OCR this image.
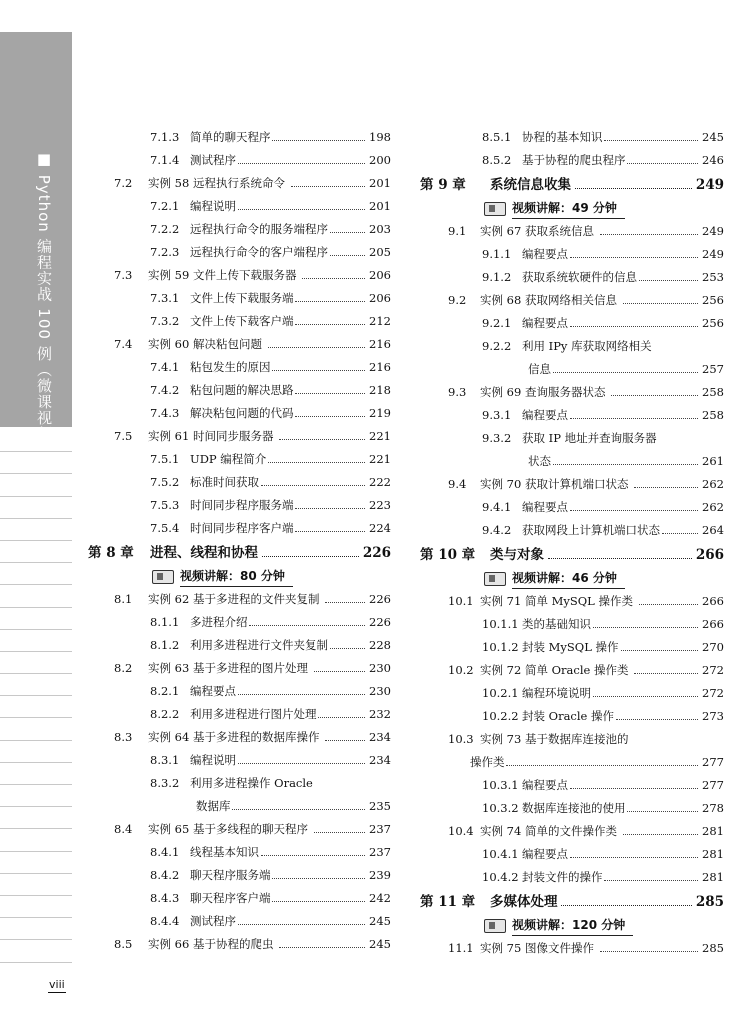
■ Python 编程实战 100 例（微课视频版）
viii
7.1.3 简单的聊天程序	198
7.1.4 测试程序	200
7.2 实例 58 远程执行系统命令	201
7.2.1 编程说明	201
7.2.2 远程执行命令的服务端程序	203
7.2.3 远程执行命令的客户端程序	205
7.3 实例 59 文件上传下载服务器	206
7.3.1 文件上传下载服务端	206
7.3.2 文件上传下载客户端	212
7.4 实例 60 解决粘包问题	216
7.4.1 粘包发生的原因	216
7.4.2 粘包问题的解决思路	218
7.4.3 解决粘包问题的代码	219
7.5 实例 61 时间同步服务器	221
7.5.1 UDP 编程简介	221
7.5.2 标准时间获取	222
7.5.3 时间同步程序服务端	223
7.5.4 时间同步程序客户端	224
第 8 章 进程、线程和协程	226
视频讲解：80 分钟
8.1 实例 62 基于多进程的文件夹复制	226
8.1.1 多进程介绍	226
8.1.2 利用多进程进行文件夹复制	228
8.2 实例 63 基于多进程的图片处理	230
8.2.1 编程要点	230
8.2.2 利用多进程进行图片处理	232
8.3 实例 64 基于多进程的数据库操作	234
8.3.1 编程说明	234
8.3.2 利用多进程操作 Oracle
数据库	235
8.4 实例 65 基于多线程的聊天程序	237
8.4.1 线程基本知识	237
8.4.2 聊天程序服务端	239
8.4.3 聊天程序客户端	242
8.4.4 测试程序	245
8.5 实例 66 基于协程的爬虫	245
8.5.1 协程的基本知识	245
8.5.2 基于协程的爬虫程序	246
第 9 章 系统信息收集	249
视频讲解：49 分钟
9.1 实例 67 获取系统信息	249
9.1.1 编程要点	249
9.1.2 获取系统软硬件的信息	253
9.2 实例 68 获取网络相关信息	256
9.2.1 编程要点	256
9.2.2 利用 IPy 库获取网络相关
信息	257
9.3 实例 69 查询服务器状态	258
9.3.1 编程要点	258
9.3.2 获取 IP 地址并查询服务器
状态	261
9.4 实例 70 获取计算机端口状态	262
9.4.1 编程要点	262
9.4.2 获取网段上计算机端口状态	264
第 10 章 类与对象	266
视频讲解：46 分钟
10.1 实例 71 简单 MySQL 操作类	266
10.1.1 类的基础知识	266
10.1.2 封装 MySQL 操作	270
10.2 实例 72 简单 Oracle 操作类	272
10.2.1 编程环境说明	272
10.2.2 封装 Oracle 操作	273
10.3 实例 73 基于数据库连接池的
操作类	277
10.3.1 编程要点	277
10.3.2 数据库连接池的使用	278
10.4 实例 74 简单的文件操作类	281
10.4.1 编程要点	281
10.4.2 封装文件的操作	281
第 11 章 多媒体处理	285
视频讲解：120 分钟
11.1 实例 75 图像文件操作	285
